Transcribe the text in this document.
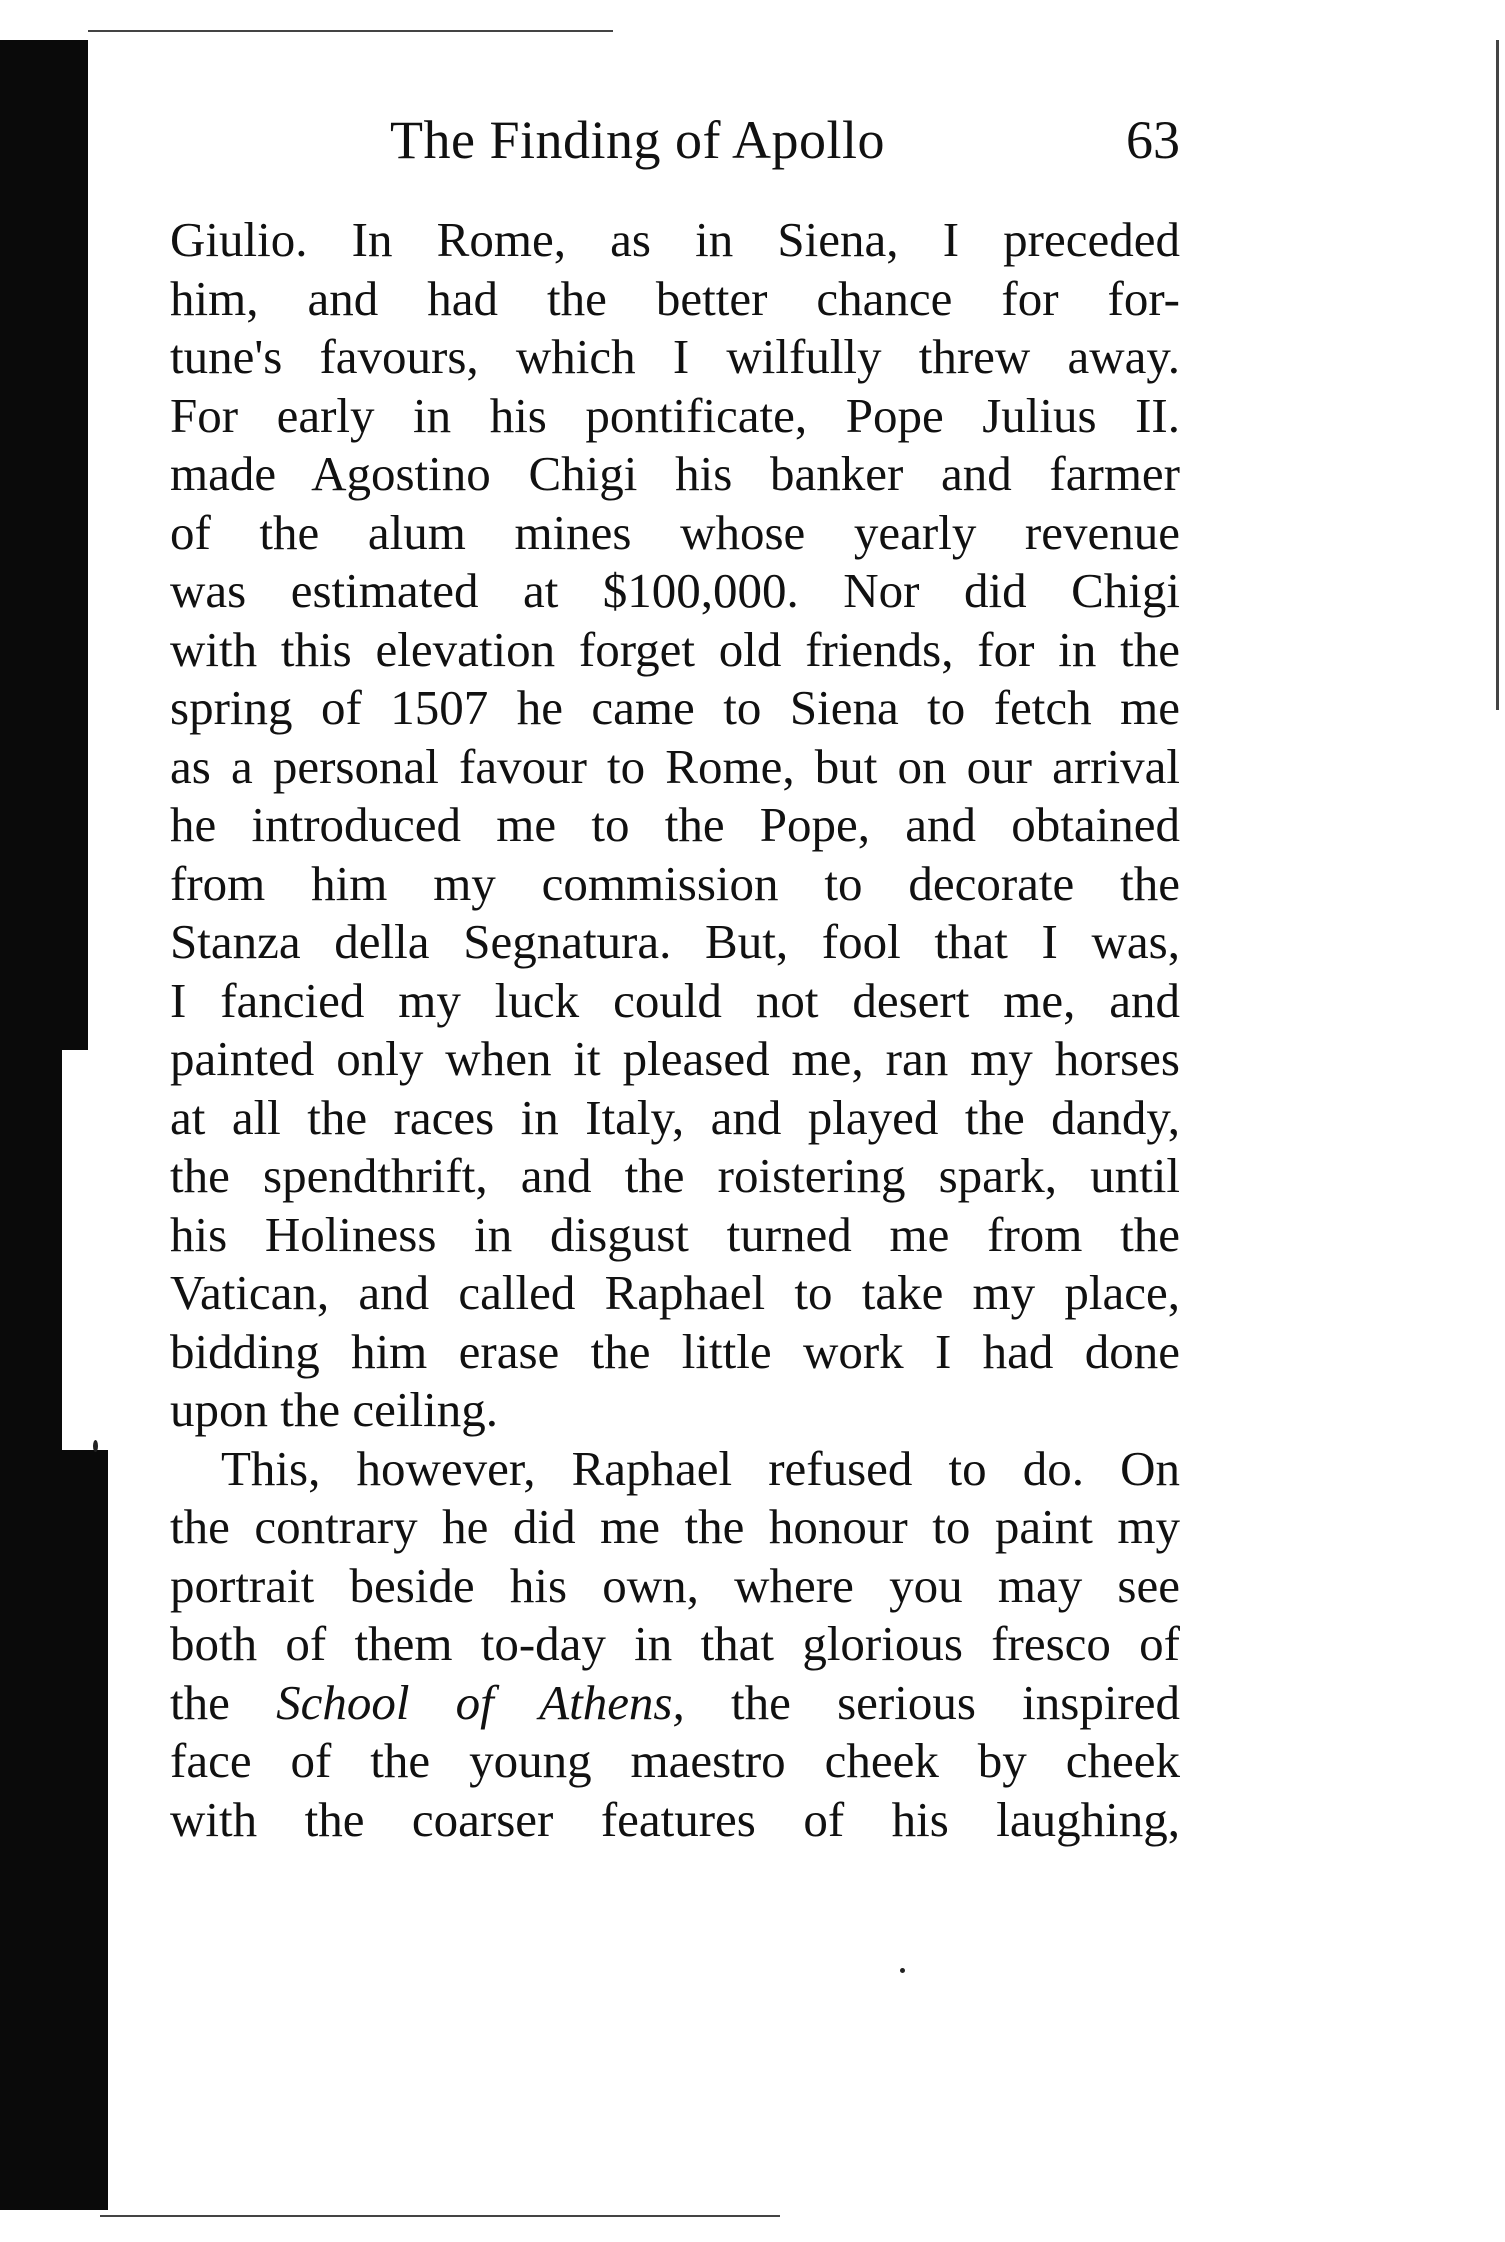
The Finding of Apollo	63
Giulio. In Rome, as in Siena, I preceded
him, and had the better chance for for-
tune's favours, which I wilfully threw away.
For early in his pontificate, Pope Julius II.
made Agostino Chigi his banker and farmer
of the alum mines whose yearly revenue
was estimated at $100,000. Nor did Chigi
with this elevation forget old friends, for in the
spring of 1507 he came to Siena to fetch me
as a personal favour to Rome, but on our arrival
he introduced me to the Pope, and obtained
from him my commission to decorate the
Stanza della Segnatura. But, fool that I was,
I fancied my luck could not desert me, and
painted only when it pleased me, ran my horses
at all the races in Italy, and played the dandy,
the spendthrift, and the roistering spark, until
his Holiness in disgust turned me from the
Vatican, and called Raphael to take my place,
bidding him erase the little work I had done
upon the ceiling.
This, however, Raphael refused to do. On
the contrary he did me the honour to paint my
portrait beside his own, where you may see
both of them to-day in that glorious fresco of
the School of Athens, the serious inspired
face of the young maestro cheek by cheek
with the coarser features of his laughing,
